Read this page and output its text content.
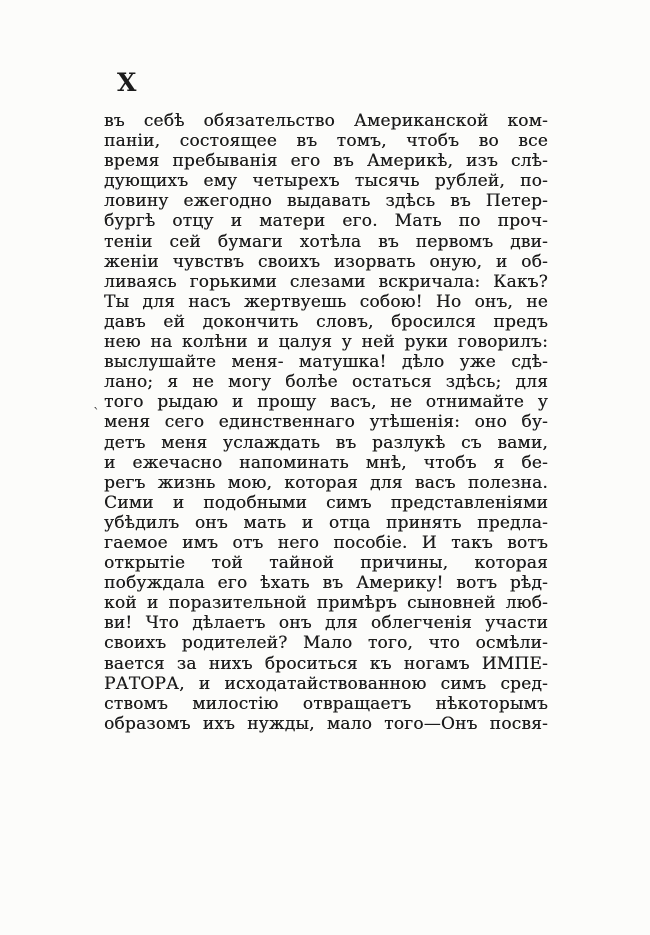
X
ˋ
въ себѣ обязательство Американской ком-
паніи, состоящее въ томъ, чтобъ во все
время пребыванія его въ Америкѣ, изъ слѣ-
дующихъ ему четырехъ тысячь рублей, по-
ловину ежегодно выдавать здѣсь въ Петер-
бургѣ отцу и матери его. Мать по проч-
теніи сей бумаги хотѣла въ первомъ дви-
женіи чувствъ своихъ изорвать оную, и об-
ливаясь горькими слезами вскричала: Какъ?
Ты для насъ жертвуешь собою! Но онъ, не
давъ ей докончить словъ, бросился предъ
нею на колѣни и цалуя у ней руки говорилъ:
выслушайте меня- матушка! дѣло уже сдѣ-
лано; я не могу болѣе остаться здѣсь; для
того рыдаю и прошу васъ, не отнимайте у
меня сего единственнаго утѣшенія: оно бу-
детъ меня услаждать въ разлукѣ съ вами,
и ежечасно напоминать мнѣ, чтобъ я бе-
регъ жизнь мою, которая для васъ полезна.
Сими и подобными симъ представленіями
убѣдилъ онъ мать и отца принять предла-
гаемое имъ отъ него пособіе. И такъ вотъ
открытіе той тайной причины, которая
побуждала его ѣхать въ Америку! вотъ рѣд-
кой и поразительной примѣръ сыновней люб-
ви! Что дѣлаетъ онъ для облегченія участи
своихъ родителей? Мало того, что осмѣли-
вается за нихъ броситься къ ногамъ ИМПЕ-
РАТОРА, и исходатайствованною симъ сред-
ствомъ милостію отвращаетъ нѣкоторымъ
образомъ ихъ нужды, мало того—Онъ посвя-
